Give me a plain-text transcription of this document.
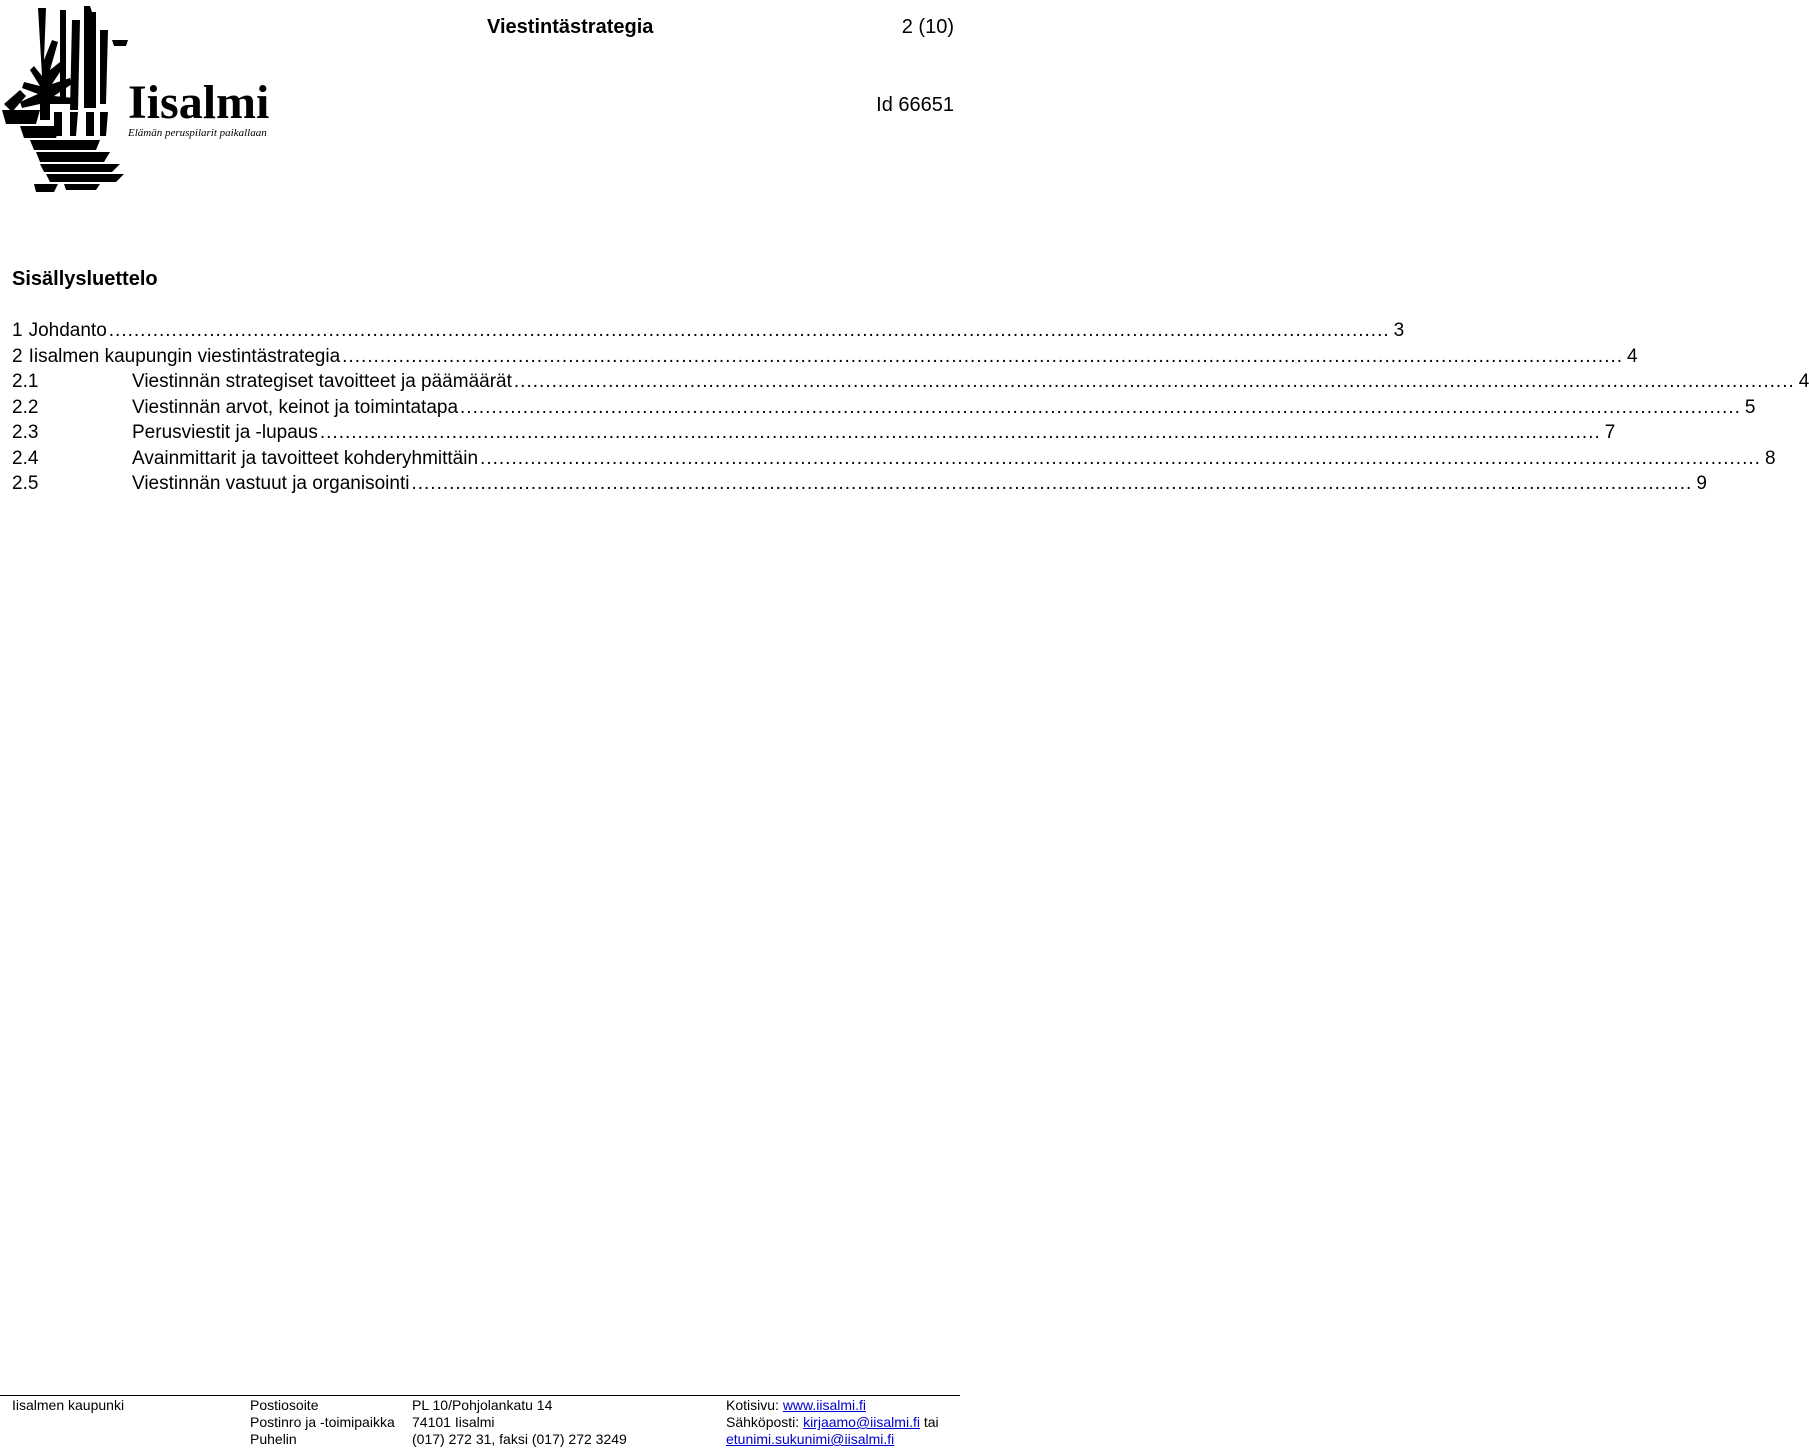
Iisalmi
Elämän peruspilarit paikallaan
Viestintästrategia	2 (10)
Id 66651
Sisällysluettelo
1 Johdanto ............................................................................................................................................................................................................ 3
2 Iisalmen kaupungin viestintästrategia ............................................................................................................................................................................................................ 4
2.1	Viestinnän strategiset tavoitteet ja päämäärät ............................................................................................................................................................................................................ 4
2.2	Viestinnän arvot, keinot ja toimintatapa ............................................................................................................................................................................................................ 5
2.3	Perusviestit ja -lupaus ............................................................................................................................................................................................................ 7
2.4	Avainmittarit ja tavoitteet kohderyhmittäin ............................................................................................................................................................................................................ 8
2.5	Viestinnän vastuut ja organisointi ............................................................................................................................................................................................................ 9
Iisalmen kaupunki	Postiosoite
Postinro ja -toimipaikka
Puhelin
PL 10/Pohjolankatu 14
74101 Iisalmi
(017) 272 31, faksi (017) 272 3249
Kotisivu: www.iisalmi.fi
Sähköposti: kirjaamo@iisalmi.fi tai
etunimi.sukunimi@iisalmi.fi
